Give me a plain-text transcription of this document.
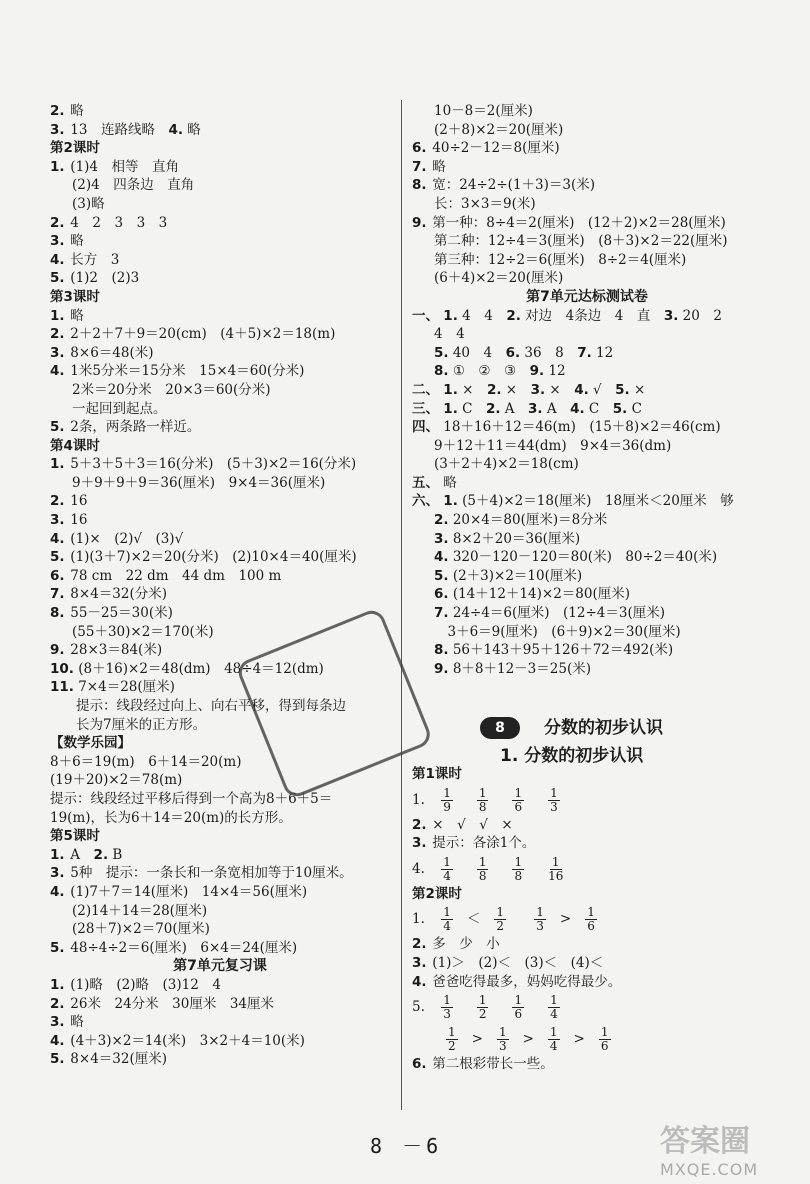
2. 略
3. 13　连路线略　4. 略
第2课时
1. (1)4　相等　直角
(2)4　四条边　直角
(3)略
2. 4　2　3　3　3
3. 略
4. 长方　3
5. (1)2　(2)3
第3课时
1. 略
2. 2＋2＋7＋9＝20(cm)　(4＋5)×2＝18(m)
3. 8×6＝48(米)
4. 1米5分米＝15分米　15×4＝60(分米)
2米＝20分米　20×3＝60(分米)
一起回到起点。
5. 2条，两条路一样近。
第4课时
1. 5＋3＋5＋3＝16(分米)　(5＋3)×2＝16(分米)
9＋9＋9＋9＝36(厘米)　9×4＝36(厘米)
2. 16
3. 16
4. (1)×　(2)√　(3)√
5. (1)(3＋7)×2＝20(分米)　(2)10×4＝40(厘米)
6. 78 cm　22 dm　44 dm　100 m
7. 8×4＝32(分米)
8. 55－25＝30(米)
(55＋30)×2＝170(米)
9. 28×3＝84(米)
10. (8＋16)×2＝48(dm)　48÷4＝12(dm)
11. 7×4＝28(厘米)
提示：线段经过向上、向右平移，得到每条边
长为7厘米的正方形。
【数学乐园】
8＋6＝19(m)　6＋14＝20(m)
(19＋20)×2＝78(m)
提示：线段经过平移后得到一个高为8＋6＋5＝
19(m)，长为6＋14＝20(m)的长方形。
第5课时
1. A　2. B
3. 5种　提示：一条长和一条宽相加等于10厘米。
4. (1)7＋7＝14(厘米)　14×4＝56(厘米)
(2)14＋14＝28(厘米)
(28＋7)×2＝70(厘米)
5. 48÷4÷2＝6(厘米)　6×4＝24(厘米)
第7单元复习课
1. (1)略　(2)略　(3)12　4
2. 26米　24分米　30厘米　34厘米
3. 略
4. (4＋3)×2＝14(米)　3×2＋4＝10(米)
5. 8×4＝32(厘米)
10－8＝2(厘米)
(2＋8)×2＝20(厘米)
6. 40÷2－12＝8(厘米)
7. 略
8. 宽：24÷2÷(1＋3)＝3(米)
长：3×3＝9(米)
9. 第一种：8÷4＝2(厘米)　(12＋2)×2＝28(厘米)
第二种：12÷4＝3(厘米)　(8＋3)×2＝22(厘米)
第三种：12÷2＝6(厘米)　8÷2＝4(厘米)
(6＋4)×2＝20(厘米)
第7单元达标测试卷
一、 1. 4　4　2. 对边　4条边　4　直　3. 20　2
4　4
5. 40　4　6. 36　8　7. 12
8. ①　②　③　9. 12
二、 1. ×　2. ×　3. ×　4. √　5. ×
三、 1. C　2. A　3. A　4. C　5. C
四、 18＋16＋12＝46(m)　(15＋8)×2＝46(cm)
9＋12＋11＝44(dm)　9×4＝36(dm)
(3＋2＋4)×2＝18(cm)
五、 略
六、 1. (5＋4)×2＝18(厘米)　18厘米＜20厘米　够
2. 20×4＝80(厘米)＝8分米
3. 8×2＋20＝36(厘米)
4. 320－120－120＝80(米)　80÷2＝40(米)
5. (2＋3)×2＝10(厘米)
6. (14＋12＋14)×2＝80(厘米)
7. 24÷4＝6(厘米)　(12÷4＝3(厘米)
　3＋6＝9(厘米)　(6＋9)×2＝30(厘米)
8. 56＋143＋95＋126＋72＝492(米)
9. 8＋8＋12－3＝25(米)
8 分数的初步认识
1. 分数的初步认识
第1课时
1. $\frac{1}{9} \frac{1}{8} \frac{1}{6} \frac{1}{3}$
2. ×　√　√　×
3. 提示：各涂1个。
4. $\frac{1}{4} \frac{1}{8} \frac{1}{8} \frac{1}{16}$
第2课时
1. $\frac{1}{4} < \frac{1}{2}$
$\frac{1}{3} > \frac{1}{6}$
2. 多　少　小
3. (1)＞　(2)＜　(3)＜　(4)＜
4. 爸爸吃得最多，妈妈吃得最少。
5. $\frac{1}{3} \frac{1}{2} \frac{1}{6} \frac{1}{4}$
$\frac{1}{2} > \frac{1}{3} > \frac{1}{4} > \frac{1}{6}$
6. 第二根彩带长一些。
8 －6	答案圈
MXQE.COM
